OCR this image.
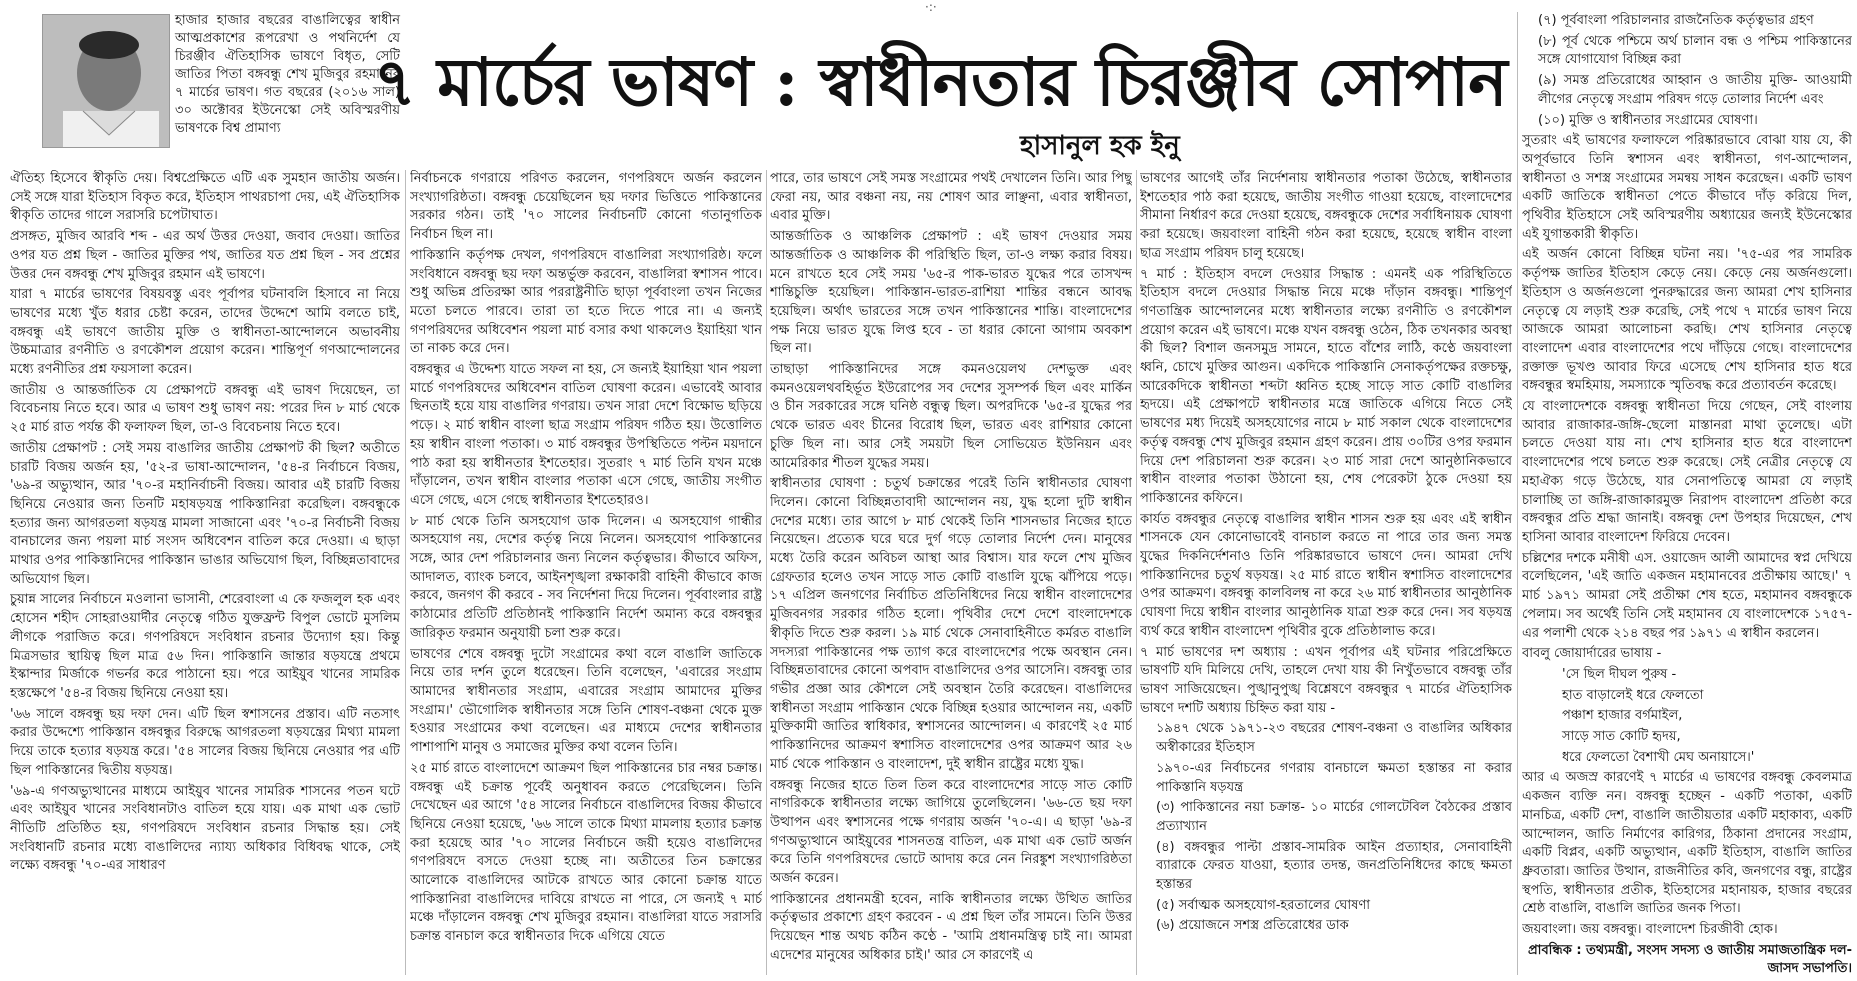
·:·
হাজার হাজার বছরের বাঙালিত্বের স্বাধীন আত্মপ্রকাশের রূপরেখা ও পথনির্দেশ যে চিরঞ্জীব ঐতিহাসিক ভাষণে বিধৃত, সেটি জাতির পিতা বঙ্গবন্ধু শেখ মুজিবুর রহমানের ৭ মার্চের ভাষণ। গত বছরের (২০১৬ সাল) ৩০ অক্টোবর ইউনেস্কো সেই অবিস্মরণীয় ভাষণকে বিশ্ব প্রামাণ্য
৭ মার্চের ভাষণ : স্বাধীনতার চিরঞ্জীব সোপান
হাসানুল হক ইনু

ঐতিহ্য হিসেবে স্বীকৃতি দেয়। বিশ্বপ্রেক্ষিতে এটি এক সুমহান জাতীয় অর্জন। সেই সঙ্গে যারা ইতিহাস বিকৃত করে, ইতিহাস পাথরচাপা দেয়, এই ঐতিহাসিক স্বীকৃতি তাদের গালে সরাসরি চপেটাঘাত।

প্রসঙ্গত, মুজিব আরবি শব্দ - এর অর্থ উত্তর দেওয়া, জবাব দেওয়া। জাতির ওপর যত প্রশ্ন ছিল - জাতির মুক্তির পথ, জাতির যত প্রশ্ন ছিল - সব প্রশ্নের উত্তর দেন বঙ্গবন্ধু শেখ মুজিবুর রহমান এই ভাষণে।

যারা ৭ মার্চের ভাষণের বিষয়বস্তু এবং পূর্বাপর ঘটনাবলি হিসাবে না নিয়ে ভাষণের মধ্যে খুঁত ধরার চেষ্টা করেন, তাদের উদ্দেশে আমি বলতে চাই, বঙ্গবন্ধু এই ভাষণে জাতীয় মুক্তি ও স্বাধীনতা-আন্দোলনে অভাবনীয় উচ্চমাত্রার রণনীতি ও রণকৌশল প্রয়োগ করেন। শান্তিপূর্ণ গণআন্দোলনের মধ্যে রণনীতির প্রশ্ন ফয়সালা করেন।

জাতীয় ও আন্তর্জাতিক যে প্রেক্ষাপটে বঙ্গবন্ধু এই ভাষণ দিয়েছেন, তা বিবেচনায় নিতে হবে। আর এ ভাষণ শুধু ভাষণ নয়: পরের দিন ৮ মার্চ থেকে ২৫ মার্চ রাত পর্যন্ত কী ফলাফল ছিল, তা-ও বিবেচনায় নিতে হবে।

জাতীয় প্রেক্ষাপট : সেই সময় বাঙালির জাতীয় প্রেক্ষাপট কী ছিল? অতীতে চারটি বিজয় অর্জন হয়, '৫২-র ভাষা-আন্দোলন, '৫৪-র নির্বাচনে বিজয়, '৬৯-র অভ্যুত্থান, আর '৭০-র মহানির্বাচনী বিজয়। আবার এই চারটি বিজয় ছিনিয়ে নেওয়ার জন্য তিনটি মহাষড়যন্ত্র পাকিস্তানিরা করেছিল। বঙ্গবন্ধুকে হত্যার জন্য আগরতলা ষড়যন্ত্র মামলা সাজানো এবং '৭০-র নির্বাচনী বিজয় বানচালের জন্য পয়লা মার্চ সংসদ অধিবেশন বাতিল করে দেওয়া। এ ছাড়া মাথার ওপর পাকিস্তানিদের পাকিস্তান ভাঙার অভিযোগ ছিল, বিচ্ছিন্নতাবাদের অভিযোগ ছিল।

চুয়ান্ন সালের নির্বাচনে মওলানা ভাসানী, শেরেবাংলা এ কে ফজলুল হক এবং হোসেন শহীদ সোহরাওয়ার্দীর নেতৃত্বে গঠিত যুক্তফ্রন্ট বিপুল ভোটে মুসলিম লীগকে পরাজিত করে। গণপরিষদে সংবিধান রচনার উদ্যোগ হয়। কিন্তু মিত্রসভার স্থায়িত্ব ছিল মাত্র ৫৬ দিন। পাকিস্তানি জান্তার ষড়যন্ত্রে প্রথমে ইস্কান্দার মির্জাকে গভর্নর করে পাঠানো হয়। পরে আইয়ুব খানের সামরিক হস্তক্ষেপে '৫৪-র বিজয় ছিনিয়ে নেওয়া হয়।

'৬৬ সালে বঙ্গবন্ধু ছয় দফা দেন। এটি ছিল স্বশাসনের প্রস্তাব। এটি নতসাৎ করার উদ্দেশ্যে পাকিস্তান বঙ্গবন্ধুর বিরুদ্ধে আগরতলা ষড়যন্ত্রের মিথ্যা মামলা দিয়ে তাকে হত্যার ষড়যন্ত্র করে। '৫৪ সালের বিজয় ছিনিয়ে নেওয়ার পর এটি ছিল পাকিস্তানের দ্বিতীয় ষড়যন্ত্র।

'৬৯-এ গণঅভ্যুত্থানের মাধ্যমে আইয়ুব খানের সামরিক শাসনের পতন ঘটে এবং আইয়ুব খানের সংবিধানটাও বাতিল হয়ে যায়। এক মাথা এক ভোট নীতিটি প্রতিষ্ঠিত হয়, গণপরিষদে সংবিধান রচনার সিদ্ধান্ত হয়। সেই সংবিধানটি রচনার মধ্যে বাঙালিদের ন্যায্য অধিকার বিধিবদ্ধ থাকে, সেই লক্ষ্যে বঙ্গবন্ধু '৭০-এর সাধারণ

নির্বাচনকে গণরায়ে পরিণত করলেন, গণপরিষদে অর্জন করলেন সংখ্যাগরিষ্ঠতা। বঙ্গবন্ধু চেয়েছিলেন ছয় দফার ভিত্তিতে পাকিস্তানের সরকার গঠন। তাই '৭০ সালের নির্বাচনটি কোনো গতানুগতিক নির্বাচন ছিল না।

পাকিস্তানি কর্তৃপক্ষ দেখল, গণপরিষদে বাঙালিরা সংখ্যাগরিষ্ঠ। ফলে সংবিধানে বঙ্গবন্ধু ছয় দফা অন্তর্ভুক্ত করবেন, বাঙালিরা স্বশাসন পাবে। শুধু অভিন্ন প্রতিরক্ষা আর পররাষ্ট্রনীতি ছাড়া পূর্ববাংলা তখন নিজের মতো চলতে পারবে। তারা তা হতে দিতে পারে না। এ জন্যই গণপরিষদের অধিবেশন পয়লা মার্চ বসার কথা থাকলেও ইয়াহিয়া খান তা নাকচ করে দেন।

বঙ্গবন্ধুর এ উদ্দেশ্য যাতে সফল না হয়, সে জন্যই ইয়াহিয়া খান পয়লা মার্চে গণপরিষদের অধিবেশন বাতিল ঘোষণা করেন। এভাবেই আবার ছিনতাই হয়ে যায় বাঙালির গণরায়। তখন সারা দেশে বিক্ষোভ ছড়িয়ে পড়ে। ২ মার্চ স্বাধীন বাংলা ছাত্র সংগ্রাম পরিষদ গঠিত হয়। উত্তোলিত হয় স্বাধীন বাংলা পতাকা। ৩ মার্চ বঙ্গবন্ধুর উপস্থিতিতে পল্টন ময়দানে পাঠ করা হয় স্বাধীনতার ইশতেহার। সুতরাং ৭ মার্চ তিনি যখন মঞ্চে দাঁড়ালেন, তখন স্বাধীন বাংলার পতাকা এসে গেছে, জাতীয় সংগীত এসে গেছে, এসে গেছে স্বাধীনতার ইশতেহারও।

৮ মার্চ থেকে তিনি অসহযোগ ডাক দিলেন। এ অসহযোগ গান্ধীর অসহযোগ নয়, দেশের কর্তৃত্ব নিয়ে নিলেন। অসহযোগ পাকিস্তানের সঙ্গে, আর দেশ পরিচালনার জন্য নিলেন কর্তৃত্বভার। কীভাবে অফিস, আদালত, ব্যাংক চলবে, আইনশৃঙ্খলা রক্ষাকারী বাহিনী কীভাবে কাজ করবে, জনগণ কী করবে - সব নির্দেশনা দিয়ে দিলেন। পূর্ববাংলার রাষ্ট্র কাঠামোর প্রতিটি প্রতিষ্ঠানই পাকিস্তানি নির্দেশ অমান্য করে বঙ্গবন্ধুর জারিকৃত ফরমান অনুযায়ী চলা শুরু করে।

ভাষণের শেষে বঙ্গবন্ধু দুটো সংগ্রামের কথা বলে বাঙালি জাতিকে নিয়ে তার দর্শন তুলে ধরেছেন। তিনি বলেছেন, 'এবারের সংগ্রাম আমাদের স্বাধীনতার সংগ্রাম, এবারের সংগ্রাম আমাদের মুক্তির সংগ্রাম।' ভৌগোলিক স্বাধীনতার সঙ্গে তিনি শোষণ-বঞ্চনা থেকে মুক্ত হওয়ার সংগ্রামের কথা বলেছেন। এর মাধ্যমে দেশের স্বাধীনতার পাশাপাশি মানুষ ও সমাজের মুক্তির কথা বলেন তিনি।

২৫ মার্চ রাতে বাংলাদেশে আক্রমণ ছিল পাকিস্তানের চার নম্বর চক্রান্ত। বঙ্গবন্ধু এই চক্রান্ত পূর্বেই অনুধাবন করতে পেরেছিলেন। তিনি দেখেছেন এর আগে '৫৪ সালের নির্বাচনে বাঙালিদের বিজয় কীভাবে ছিনিয়ে নেওয়া হয়েছে, '৬৬ সালে তাকে মিথ্যা মামলায় হত্যার চক্রান্ত করা হয়েছে আর '৭০ সালের নির্বাচনে জয়ী হয়েও বাঙালিদের গণপরিষদে বসতে দেওয়া হচ্ছে না। অতীতের তিন চক্রান্তের আলোকে বাঙালিদের আটকে রাখতে আর কোনো চক্রান্ত যাতে পাকিস্তানিরা বাঙালিদের দাবিয়ে রাখতে না পারে, সে জন্যই ৭ মার্চ মঞ্চে দাঁড়ালেন বঙ্গবন্ধু শেখ মুজিবুর রহমান। বাঙালিরা যাতে সরাসরি চক্রান্ত বানচাল করে স্বাধীনতার দিকে এগিয়ে যেতে

পারে, তার ভাষণে সেই সমস্ত সংগ্রামের পথই দেখালেন তিনি। আর পিছু ফেরা নয়, আর বঞ্চনা নয়, নয় শোষণ আর লাঞ্ছনা, এবার স্বাধীনতা, এবার মুক্তি।

আন্তর্জাতিক ও আঞ্চলিক প্রেক্ষাপট : এই ভাষণ দেওয়ার সময় আন্তর্জাতিক ও আঞ্চলিক কী পরিস্থিতি ছিল, তা-ও লক্ষ্য করার বিষয়। মনে রাখতে হবে সেই সময় '৬৫-র পাক-ভারত যুদ্ধের পরে তাসখন্দ শান্তিচুক্তি হয়েছিল। পাকিস্তান-ভারত-রাশিয়া শান্তির বন্ধনে আবদ্ধ হয়েছিল। অর্থাৎ ভারতের সঙ্গে তখন পাকিস্তানের শান্তি। বাংলাদেশের পক্ষ নিয়ে ভারত যুদ্ধে লিপ্ত হবে - তা ধরার কোনো আগাম অবকাশ ছিল না।

তাছাড়া পাকিস্তানিদের সঙ্গে কমনওয়েলথ দেশভুক্ত এবং কমনওয়েলথবহির্ভূত ইউরোপের সব দেশের সুসম্পর্ক ছিল এবং মার্কিন ও চীন সরকারের সঙ্গে ঘনিষ্ঠ বন্ধুত্ব ছিল। অপরদিকে '৬৫-র যুদ্ধের পর থেকে ভারত এবং চীনের বিরোধ ছিল, ভারত এবং রাশিয়ার কোনো চুক্তি ছিল না। আর সেই সময়টা ছিল সোভিয়েত ইউনিয়ন এবং আমেরিকার শীতল যুদ্ধের সময়।

স্বাধীনতার ঘোষণা : চতুর্থ চক্রান্তের পরেই তিনি স্বাধীনতার ঘোষণা দিলেন। কোনো বিচ্ছিন্নতাবাদী আন্দোলন নয়, যুদ্ধ হলো দুটি স্বাধীন দেশের মধ্যে। তার আগে ৮ মার্চ থেকেই তিনি শাসনভার নিজের হাতে নিয়েছেন। প্রত্যেক ঘরে ঘরে দুর্গ গড়ে তোলার নির্দেশ দেন। মানুষের মধ্যে তৈরি করেন অবিচল আস্থা আর বিশ্বাস। যার ফলে শেখ মুজিব গ্রেফতার হলেও তখন সাড়ে সাত কোটি বাঙালি যুদ্ধে ঝাঁপিয়ে পড়ে। ১৭ এপ্রিল জনগণের নির্বাচিত প্রতিনিধিদের নিয়ে স্বাধীন বাংলাদেশের মুজিবনগর সরকার গঠিত হলো। পৃথিবীর দেশে দেশে বাংলাদেশকে স্বীকৃতি দিতে শুরু করল। ১৯ মার্চ থেকে সেনাবাহিনীতে কর্মরত বাঙালি সদস্যরা পাকিস্তানের পক্ষ ত্যাগ করে বাংলাদেশের পক্ষে অবস্থান নেন। বিচ্ছিন্নতাবাদের কোনো অপবাদ বাঙালিদের ওপর আসেনি। বঙ্গবন্ধু তার গভীর প্রজ্ঞা আর কৌশলে সেই অবস্থান তৈরি করেছেন। বাঙালিদের স্বাধীনতা সংগ্রাম পাকিস্তান থেকে বিচ্ছিন্ন হওয়ার আন্দোলন নয়, একটি মুক্তিকামী জাতির স্বাধিকার, স্বশাসনের আন্দোলন। এ কারণেই ২৫ মার্চ পাকিস্তানিদের আক্রমণ স্বশাসিত বাংলাদেশের ওপর আক্রমণ আর ২৬ মার্চ থেকে পাকিস্তান ও বাংলাদেশ, দুই স্বাধীন রাষ্ট্রের মধ্যে যুদ্ধ।

বঙ্গবন্ধু নিজের হাতে তিল তিল করে বাংলাদেশের সাড়ে সাত কোটি নাগরিককে স্বাধীনতার লক্ষ্যে জাগিয়ে তুলেছিলেন। '৬৬-তে ছয় দফা উত্থাপন এবং স্বশাসনের পক্ষে গণরায় অর্জন '৭০-এ। এ ছাড়া '৬৯-র গণঅভ্যুত্থানে আইয়ুবের শাসনতন্ত্র বাতিল, এক মাথা এক ভোট অর্জন করে তিনি গণপরিষদের ভোটে আদায় করে নেন নিরঙ্কুশ সংখ্যাগরিষ্ঠতা অর্জন করেন।

পাকিস্তানের প্রধানমন্ত্রী হবেন, নাকি স্বাধীনতার লক্ষ্যে উত্থিত জাতির কর্তৃত্বভার প্রকাশ্যে গ্রহণ করবেন - এ প্রশ্ন ছিল তাঁর সামনে। তিনি উত্তর দিয়েছেন শান্ত অথচ কঠিন কণ্ঠে - 'আমি প্রধানমন্ত্রিত্ব চাই না। আমরা এদেশের মানুষের অধিকার চাই।' আর সে কারণেই এ

ভাষণের আগেই তাঁর নির্দেশনায় স্বাধীনতার পতাকা উঠেছে, স্বাধীনতার ইশতেহার পাঠ করা হয়েছে, জাতীয় সংগীত গাওয়া হয়েছে, বাংলাদেশের সীমানা নির্ধারণ করে দেওয়া হয়েছে, বঙ্গবন্ধুকে দেশের সর্বাধিনায়ক ঘোষণা করা হয়েছে। জয়বাংলা বাহিনী গঠন করা হয়েছে, হয়েছে স্বাধীন বাংলা ছাত্র সংগ্রাম পরিষদ চালু হয়েছে।

৭ মার্চ : ইতিহাস বদলে দেওয়ার সিদ্ধান্ত : এমনই এক পরিস্থিতিতে ইতিহাস বদলে দেওয়ার সিদ্ধান্ত নিয়ে মঞ্চে দাঁড়ান বঙ্গবন্ধু। শান্তিপূর্ণ গণতান্ত্রিক আন্দোলনের মধ্যে স্বাধীনতার লক্ষ্যে রণনীতি ও রণকৌশল প্রয়োগ করেন এই ভাষণে। মঞ্চে যখন বঙ্গবন্ধু ওঠেন, ঠিক তখনকার অবস্থা কী ছিল? বিশাল জনসমুদ্র সামনে, হাতে বাঁশের লাঠি, কণ্ঠে জয়বাংলা ধ্বনি, চোখে মুক্তির আগুন। একদিকে পাকিস্তানি সেনাকর্তৃপক্ষের রক্তচক্ষু, আরেকদিকে স্বাধীনতা শব্দটা ধ্বনিত হচ্ছে সাড়ে সাত কোটি বাঙালির হৃদয়ে। এই প্রেক্ষাপটে স্বাধীনতার মন্ত্রে জাতিকে এগিয়ে নিতে সেই ভাষণের মধ্য দিয়েই অসহযোগের নামে ৮ মার্চ সকাল থেকে বাংলাদেশের কর্তৃত্ব বঙ্গবন্ধু শেখ মুজিবুর রহমান গ্রহণ করেন। প্রায় ৩০টির ওপর ফরমান দিয়ে দেশ পরিচালনা শুরু করেন। ২৩ মার্চ সারা দেশে আনুষ্ঠানিকভাবে স্বাধীন বাংলার পতাকা উঠানো হয়, শেষ পেরেকটা ঠুকে দেওয়া হয় পাকিস্তানের কফিনে।

কার্যত বঙ্গবন্ধুর নেতৃত্বে বাঙালির স্বাধীন শাসন শুরু হয় এবং এই স্বাধীন শাসনকে যেন কোনোভাবেই বানচাল করতে না পারে তার জন্য সমস্ত যুদ্ধের দিকনির্দেশনাও তিনি পরিষ্কারভাবে ভাষণে দেন। আমরা দেখি পাকিস্তানিদের চতুর্থ ষড়যন্ত্র। ২৫ মার্চ রাতে স্বাধীন স্বশাসিত বাংলাদেশের ওপর আক্রমণ। বঙ্গবন্ধু কালবিলম্ব না করে ২৬ মার্চ স্বাধীনতার আনুষ্ঠানিক ঘোষণা দিয়ে স্বাধীন বাংলার আনুষ্ঠানিক যাত্রা শুরু করে দেন। সব ষড়যন্ত্র ব্যর্থ করে স্বাধীন বাংলাদেশ পৃথিবীর বুকে প্রতিষ্ঠালাভ করে।

৭ মার্চ ভাষণের দশ অধ্যায় : এখন পূর্বাপর এই ঘটনার পরিপ্রেক্ষিতে ভাষণটি যদি মিলিয়ে দেখি, তাহলে দেখা যায় কী নিখুঁতভাবে বঙ্গবন্ধু তাঁর ভাষণ সাজিয়েছেন। পুঙ্খানুপুঙ্খ বিশ্লেষণে বঙ্গবন্ধুর ৭ মার্চের ঐতিহাসিক ভাষণে দশটি অধ্যায় চিহ্নিত করা যায় -

১৯৪৭ থেকে ১৯৭১-২৩ বছরের শোষণ-বঞ্চনা ও বাঙালির অধিকার অস্বীকারের ইতিহাস

১৯৭০-এর নির্বাচনের গণরায় বানচালে ক্ষমতা হস্তান্তর না করার পাকিস্তানি ষড়যন্ত্র

(৩) পাকিস্তানের নয়া চক্রান্ত- ১০ মার্চের গোলটেবিল বৈঠকের প্রস্তাব প্রত্যাখ্যান

(৪) বঙ্গবন্ধুর পাল্টা প্রস্তাব-সামরিক আইন প্রত্যাহার, সেনাবাহিনী ব্যারাকে ফেরত যাওয়া, হত্যার তদন্ত, জনপ্রতিনিধিদের কাছে ক্ষমতা হস্তান্তর

(৫) সর্বাত্মক অসহযোগ-হরতালের ঘোষণা

(৬) প্রয়োজনে সশস্ত্র প্রতিরোধের ডাক

(৭) পূর্ববাংলা পরিচালনার রাজনৈতিক কর্তৃত্বভার গ্রহণ

(৮) পূর্ব থেকে পশ্চিমে অর্থ চালান বন্ধ ও পশ্চিম পাকিস্তানের সঙ্গে যোগাযোগ বিচ্ছিন্ন করা

(৯) সমস্ত প্রতিরোধের আহ্বান ও জাতীয় মুক্তি- আওয়ামী লীগের নেতৃত্বে সংগ্রাম পরিষদ গড়ে তোলার নির্দেশ এবং

(১০) মুক্তি ও স্বাধীনতার সংগ্রামের ঘোষণা।

সুতরাং এই ভাষণের ফলাফলে পরিষ্কারভাবে বোঝা যায় যে, কী অপূর্বভাবে তিনি স্বশাসন এবং স্বাধীনতা, গণ-আন্দোলন, স্বাধীনতা ও সশস্ত্র সংগ্রামের সমন্বয় সাধন করেছেন। একটি ভাষণ একটি জাতিকে স্বাধীনতা পেতে কীভাবে দাঁড় করিয়ে দিল, পৃথিবীর ইতিহাসে সেই অবিস্মরণীয় অধ্যায়ের জন্যই ইউনেস্কোর এই যুগান্তকারী স্বীকৃতি।

এই অর্জন কোনো বিচ্ছিন্ন ঘটনা নয়। '৭৫-এর পর সামরিক কর্তৃপক্ষ জাতির ইতিহাস কেড়ে নেয়। কেড়ে নেয় অর্জনগুলো। ইতিহাস ও অর্জনগুলো পুনরুদ্ধারের জন্য আমরা শেখ হাসিনার নেতৃত্বে যে লড়াই শুরু করেছি, সেই পথে ৭ মার্চের ভাষণ নিয়ে আজকে আমরা আলোচনা করছি। শেখ হাসিনার নেতৃত্বে বাংলাদেশ এবার বাংলাদেশের পথে দাঁড়িয়ে গেছে। বাংলাদেশের রক্তাক্ত ভূখণ্ড আবার ফিরে এসেছে শেখ হাসিনার হাত ধরে বঙ্গবন্ধুর স্বমহিমায়, সমস্যাকে স্মৃতিবদ্ধ করে প্রত্যাবর্তন করেছে।

যে বাংলাদেশকে বঙ্গবন্ধু স্বাধীনতা দিয়ে গেছেন, সেই বাংলায় আবার রাজাকার-জঙ্গি-ছেলো মাস্তানরা মাথা তুলেছে। এটা চলতে দেওয়া যায় না। শেখ হাসিনার হাত ধরে বাংলাদেশ বাংলাদেশের পথে চলতে শুরু করেছে। সেই নেত্রীর নেতৃত্বে যে মহাঐক্য গড়ে উঠেছে, যার সেনাপতিত্বে আমরা যে লড়াই চালাচ্ছি তা জঙ্গি-রাজাকারমুক্ত নিরাপদ বাংলাদেশ প্রতিষ্ঠা করে বঙ্গবন্ধুর প্রতি শ্রদ্ধা জানাই। বঙ্গবন্ধু দেশ উপহার দিয়েছেন, শেখ হাসিনা আবার বাংলাদেশ ফিরিয়ে দেবেন।

চল্লিশের দশকে মনীষী এস. ওয়াজেদ আলী আমাদের স্বপ্ন দেখিয়ে বলেছিলেন, 'এই জাতি একজন মহামানবের প্রতীক্ষায় আছে।' ৭ মার্চ ১৯৭১ আমরা সেই প্রতীক্ষা শেষ হতে, মহামানব বঙ্গবন্ধুকে পেলাম। সব অর্থেই তিনি সেই মহামানব যে বাংলাদেশকে ১৭৫৭-এর পলাশী থেকে ২১৪ বছর পর ১৯৭১ এ স্বাধীন করলেন।

বাবলু জোয়ার্দারের ভাষায় -

'সে ছিল দীঘল পুরুষ -

হাত বাড়ালেই ধরে ফেলতো

পঞ্চাশ হাজার বর্গমাইল,

সাড়ে সাত কোটি হৃদয়,

ধরে ফেলতো বৈশাখী মেঘ অনায়াসে।'

আর এ অজস্র কারণেই ৭ মার্চের এ ভাষণের বঙ্গবন্ধু কেবলমাত্র একজন ব্যক্তি নন। বঙ্গবন্ধু হচ্ছেন - একটি পতাকা, একটি মানচিত্র, একটি দেশ, বাঙালি জাতীয়তার একটি মহাকাব্য, একটি আন্দোলন, জাতি নির্মাণের কারিগর, ঠিকানা প্রদানের সংগ্রাম, একটি বিপ্লব, একটি অভ্যুত্থান, একটি ইতিহাস, বাঙালি জাতির ধ্রুবতারা। জাতির উত্থান, রাজনীতির কবি, জনগণের বন্ধু, রাষ্ট্রের স্থপতি, স্বাধীনতার প্রতীক, ইতিহাসের মহানায়ক, হাজার বছরের শ্রেষ্ঠ বাঙালি, বাঙালি জাতির জনক পিতা।

জয়বাংলা। জয় বঙ্গবন্ধু। বাংলাদেশ চিরজীবী হোক।

প্রাবন্ধিক : তথ্যমন্ত্রী, সংসদ সদস্য ও জাতীয় সমাজতান্ত্রিক দল-জাসদ সভাপতি।
